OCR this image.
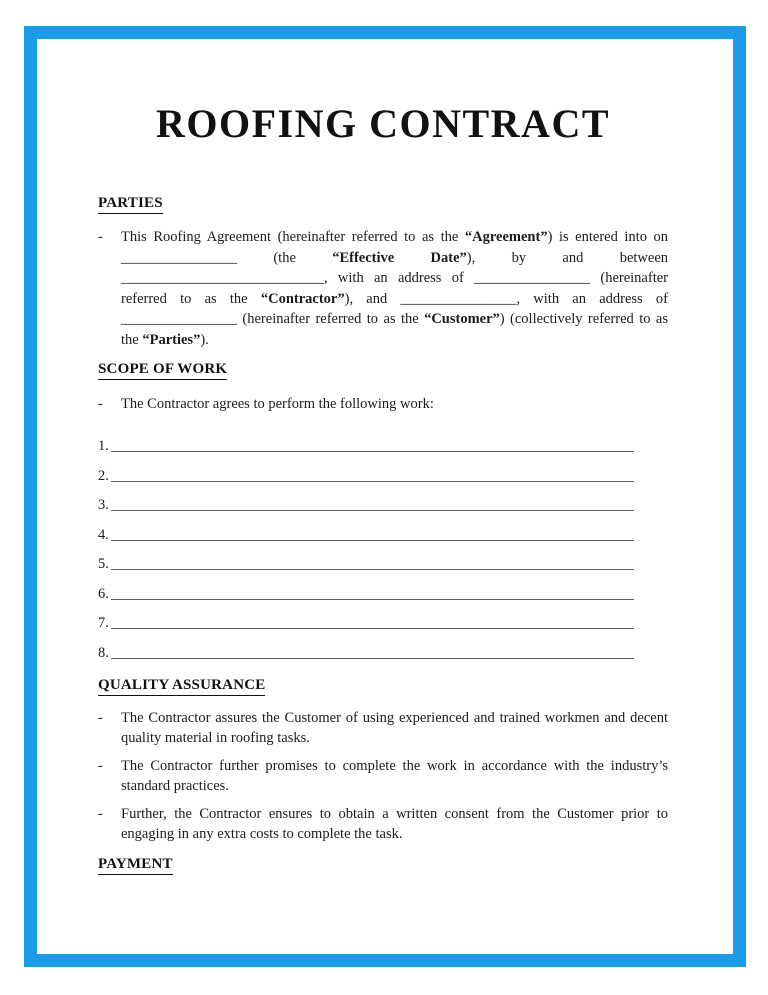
ROOFING CONTRACT
PARTIES
-	This Roofing Agreement (hereinafter referred to as the “Agreement”) is entered into on ________________ (the “Effective Date”), by and between ____________________________, with an address of ________________ (hereinafter referred to as the “Contractor”), and ________________, with an address of ________________ (hereinafter referred to as the “Customer”) (collectively referred to as the “Parties”).
SCOPE OF WORK
-	The Contractor agrees to perform the following work:
1.
2.
3.
4.
5.
6.
7.
8.
QUALITY ASSURANCE
-	The Contractor assures the Customer of using experienced and trained workmen and decent quality material in roofing tasks.
-	The Contractor further promises to complete the work in accordance with the industry’s standard practices.
-	Further, the Contractor ensures to obtain a written consent from the Customer prior to engaging in any extra costs to complete the task.
PAYMENT
